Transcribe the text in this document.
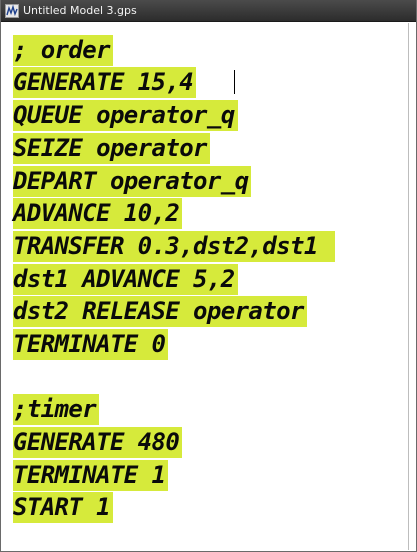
Untitled Model 3.gps
; order
GENERATE 15,4
QUEUE operator_q
SEIZE operator
DEPART operator_q
ADVANCE 10,2
TRANSFER 0.3,dst2,dst1
dst1 ADVANCE 5,2
dst2 RELEASE operator
TERMINATE 0
;timer
GENERATE 480
TERMINATE 1
START 1
